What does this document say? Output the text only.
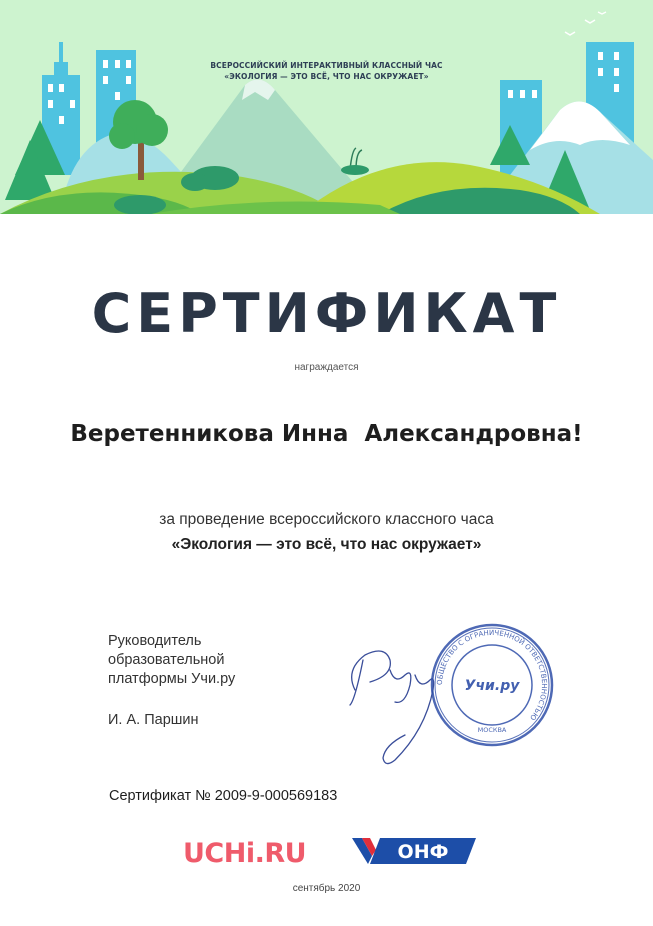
ВСЕРОССИЙСКИЙ ИНТЕРАКТИВНЫЙ КЛАССНЫЙ ЧАС
«ЭКОЛОГИЯ — ЭТО ВСЁ, ЧТО НАС ОКРУЖАЕТ»
СЕРТИФИКАТ
награждается
Веретенникова Инна  Александровна!
за проведение всероссийского классного часа
«Экология — это всё, что нас окружает»
Руководитель
образовательной
платформы Учи.ру
И. А. Паршин
ОБЩЕСТВО С ОГРАНИЧЕННОЙ ОТВЕТСТВЕННОСТЬЮ
Учи.ру
МОСКВА
Сертификат № 2009-9-000569183
UCHi.RU	ОНФ
сентябрь 2020
